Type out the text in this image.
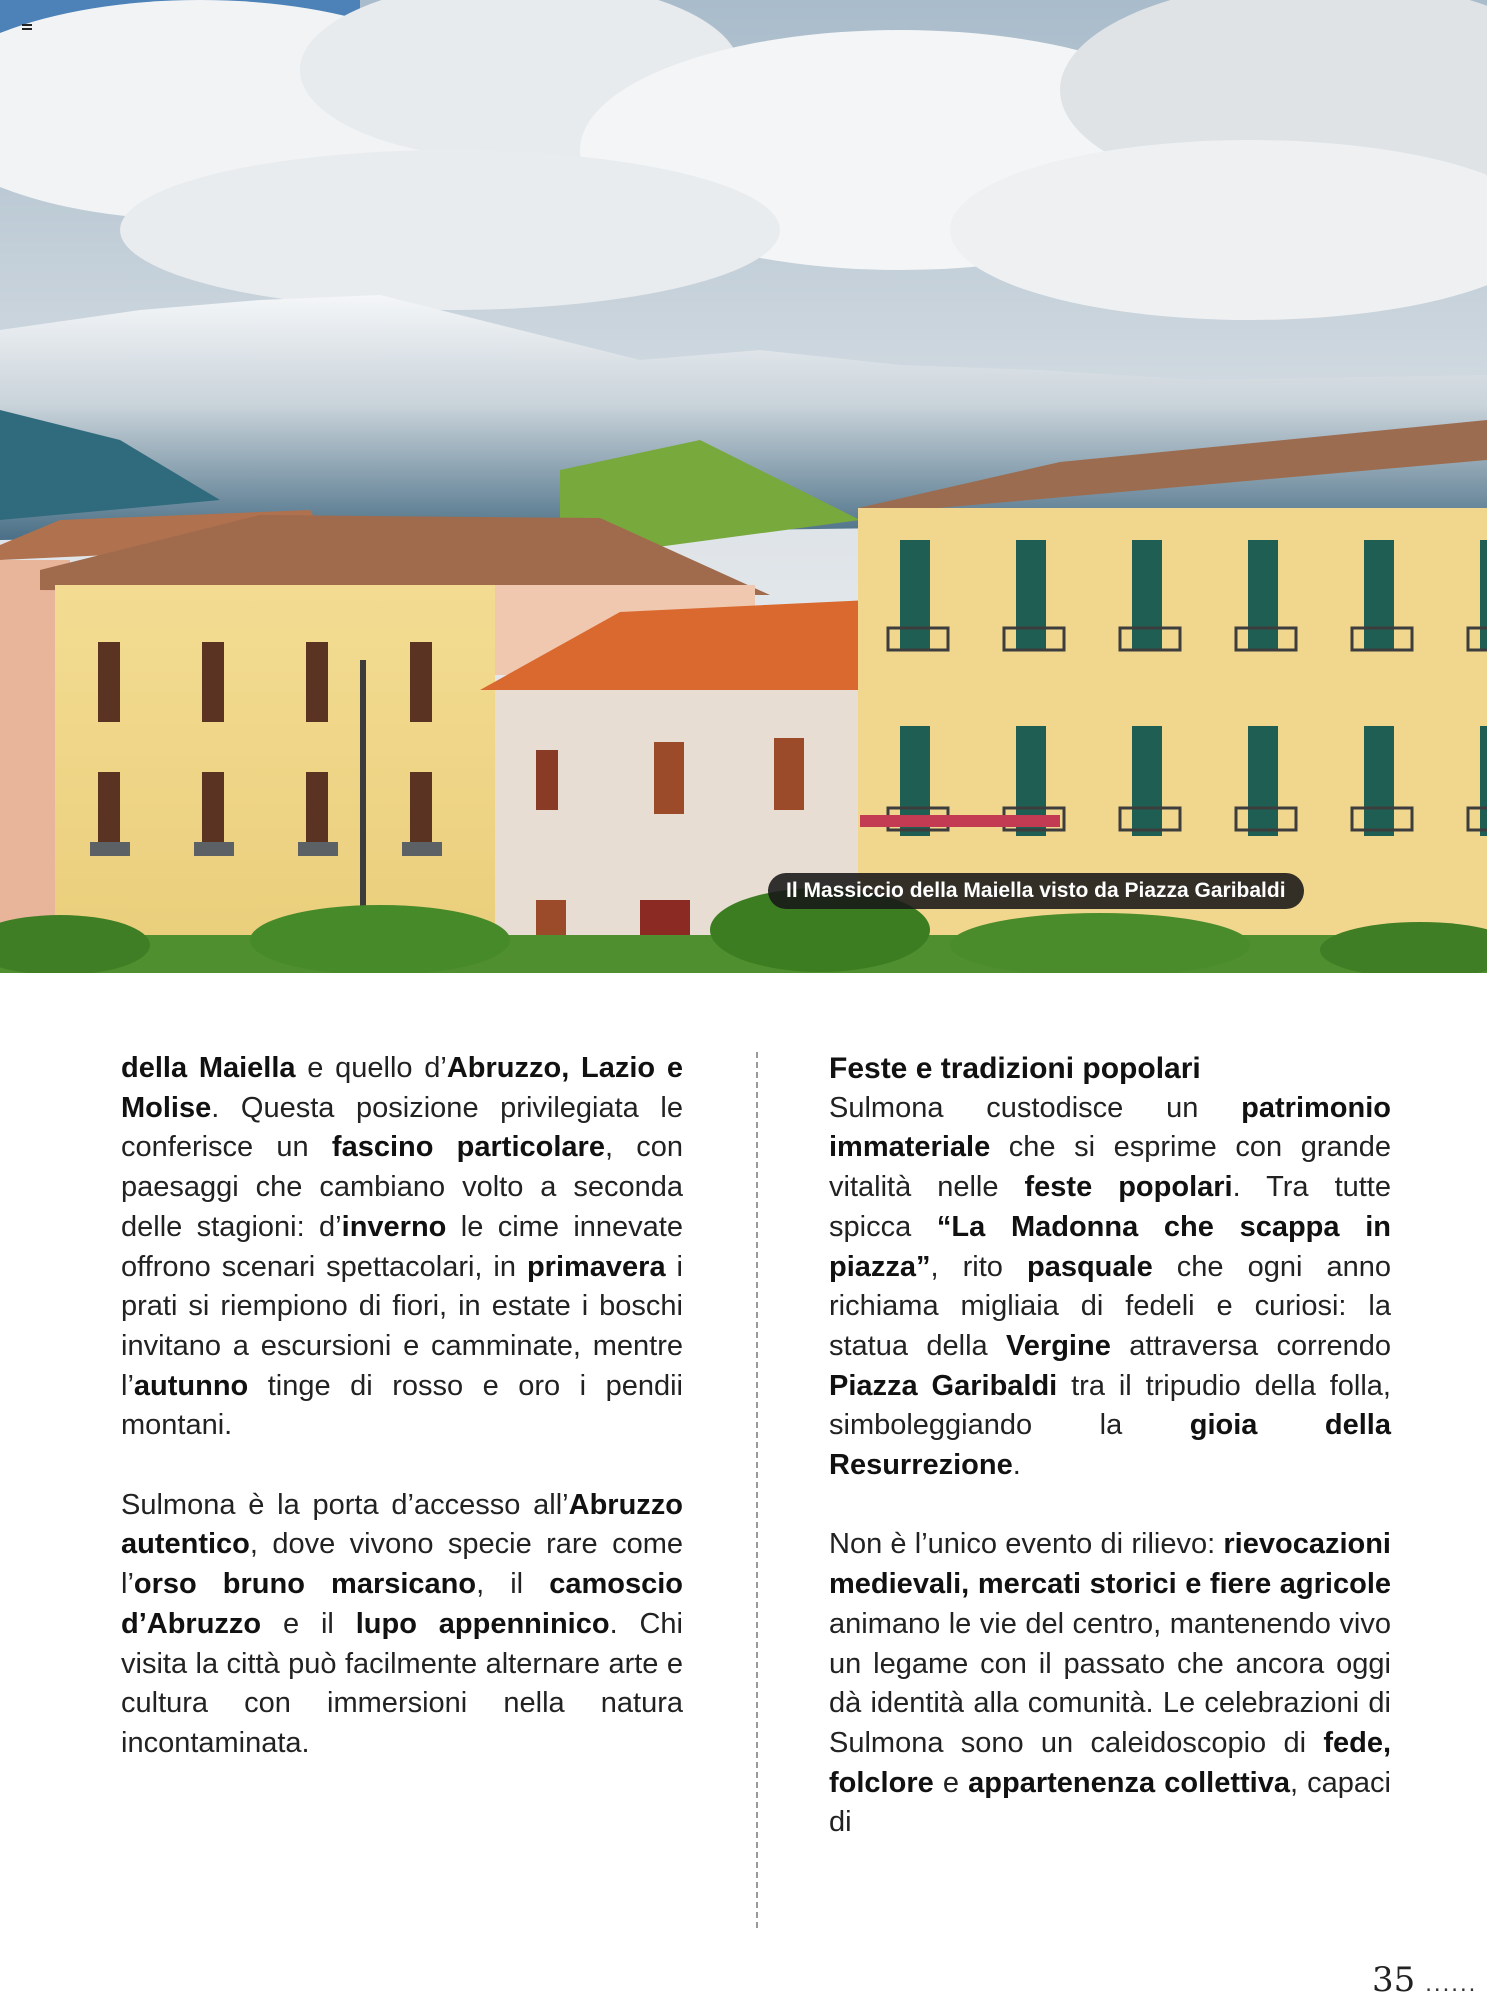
Il Massiccio della Maiella visto da Piazza Garibaldi

della Maiella e quello d’Abruzzo, Lazio e Molise. Questa posizione privilegiata le conferisce un fascino particolare, con paesaggi che cambiano volto a seconda delle stagioni: d’inverno le cime innevate offrono scenari spettacolari, in primavera i prati si riempiono di fiori, in estate i boschi invitano a escursioni e camminate, mentre l’autunno tinge di rosso e oro i pendii montani.

Sulmona è la porta d’accesso all’Abruzzo autentico, dove vivono specie rare come l’orso bruno marsicano, il camoscio d’Abruzzo e il lupo appenninico. Chi visita la città può facilmente alternare arte e cultura con immersioni nella natura incontaminata.

Feste e tradizioni popolari

Sulmona custodisce un patrimonio immateriale che si esprime con grande vitalità nelle feste popolari. Tra tutte spicca “La Madonna che scappa in piazza”, rito pasquale che ogni anno richiama migliaia di fedeli e curiosi: la statua della Vergine attraversa correndo Piazza Garibaldi tra il tripudio della folla, simboleggiando la gioia della Resurrezione.

Non è l’unico evento di rilievo: rievocazioni medievali, mercati storici e fiere agricole animano le vie del centro, mantenendo vivo un legame con il passato che ancora oggi dà identità alla comunità. Le celebrazioni di Sulmona sono un caleidoscopio di fede, folclore e appartenenza collettiva, capaci di

35 ......
